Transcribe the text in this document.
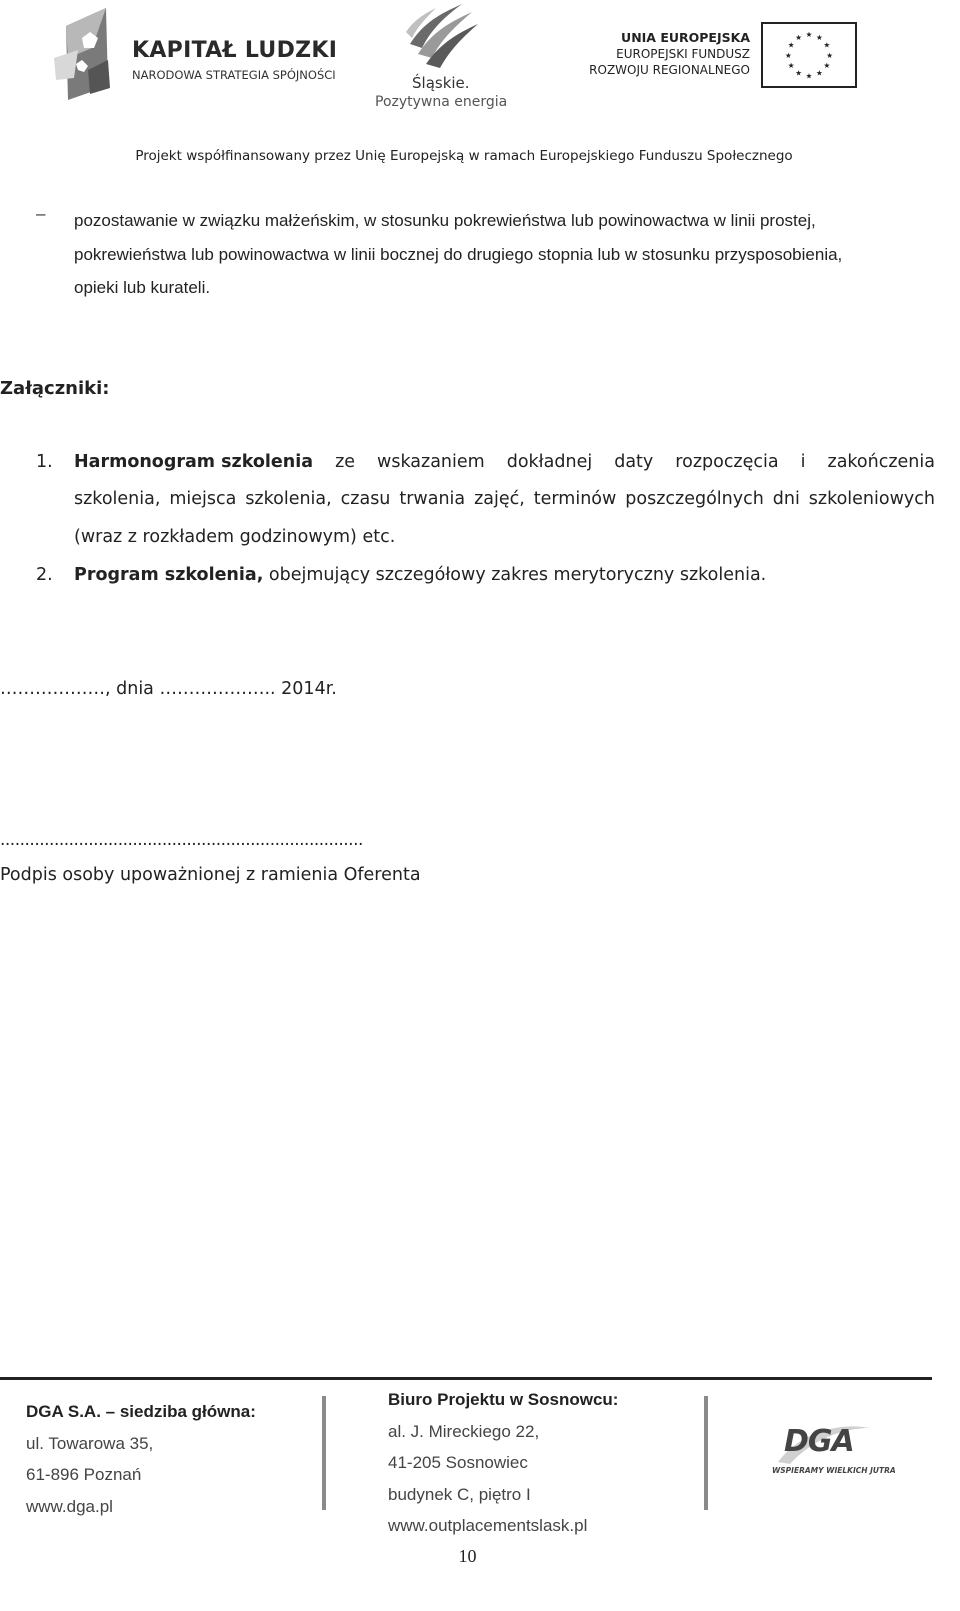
KAPITAŁ LUDZKI
NARODOWA STRATEGIA SPÓJNOŚCI	Śląskie.
Pozytywna energia
UNIA EUROPEJSKA
EUROPEJSKI FUNDUSZ
ROZWOJU REGIONALNEGO
★ ★
★
★
★
★
★
★
★
★
★
★
Projekt współfinansowany przez Unię Europejską w ramach Europejskiego Funduszu Społecznego
– pozostawanie w związku małżeńskim, w stosunku pokrewieństwa lub powinowactwa w linii prostej,
pokrewieństwa lub powinowactwa w linii bocznej do drugiego stopnia lub w stosunku przysposobienia,
opieki lub kurateli.
Załączniki:
1. Harmonogram szkolenia ze wskazaniem dokładnej daty rozpoczęcia i zakończenia
szkolenia, miejsca szkolenia, czasu trwania zajęć, terminów poszczególnych dni szkoleniowych
(wraz z rozkładem godzinowym) etc.
2. Program szkolenia, obejmujący szczegółowy zakres merytoryczny szkolenia.
………………, dnia ……………….. 2014r.
..........................................................................
Podpis osoby upoważnionej z ramienia Oferenta
DGA S.A. – siedziba główna:
ul. Towarowa 35,
61-896 Poznań
www.dga.pl
Biuro Projektu w Sosnowcu:
al. J. Mireckiego 22,
41-205 Sosnowiec
budynek C, piętro I
www.outplacementslask.pl
DGA
WSPIERAMY WIELKICH JUTRA
10
